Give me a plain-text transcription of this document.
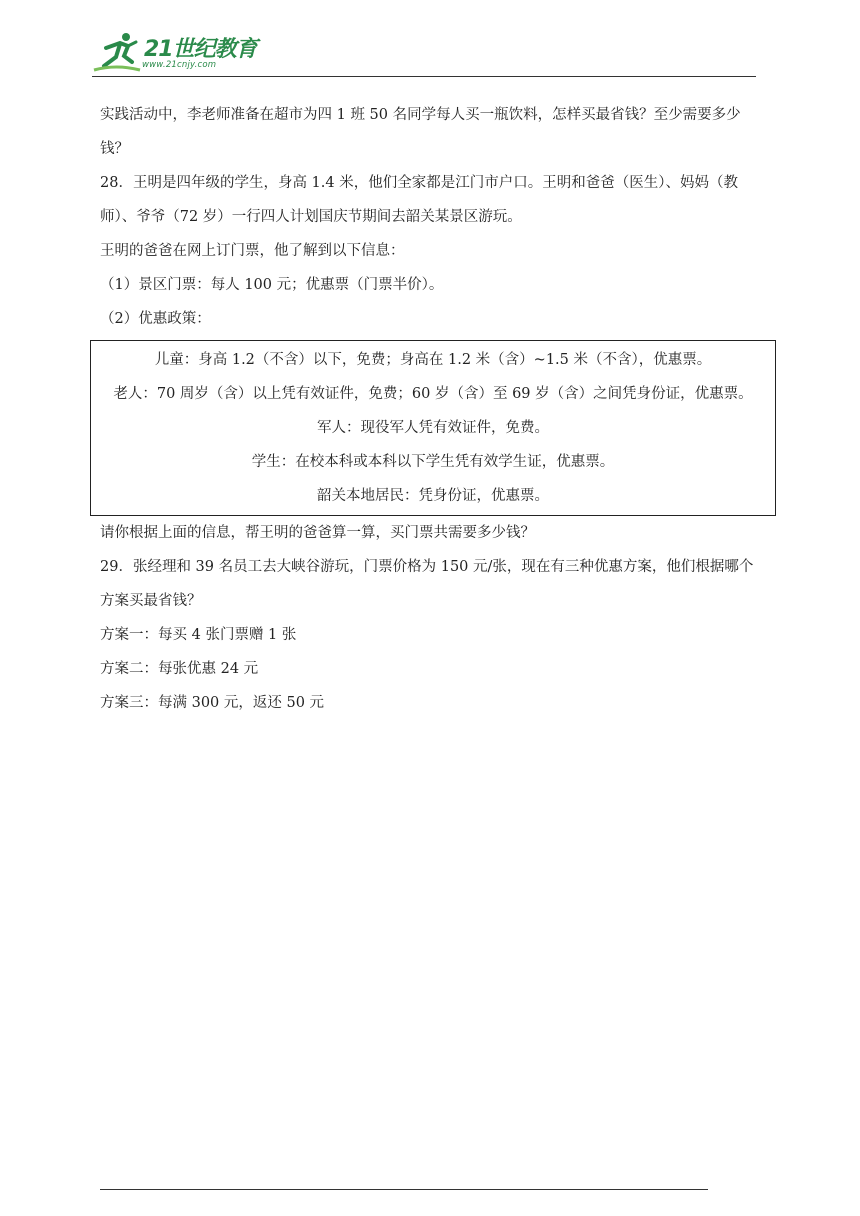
21世纪教育
www.21cnjy.com

实践活动中，李老师准备在超市为四 1 班 50 名同学每人买一瓶饮料，怎样买最省钱？至少需要多少

钱？

28．王明是四年级的学生，身高 1.4 米，他们全家都是江门市户口。王明和爸爸（医生）、妈妈（教

师）、爷爷（72 岁）一行四人计划国庆节期间去韶关某景区游玩。

王明的爸爸在网上订门票，他了解到以下信息：

（1）景区门票：每人 100 元；优惠票（门票半价）。

（2）优惠政策：

儿童：身高 1.2（不含）以下，免费；身高在 1.2 米（含）~1.5 米（不含），优惠票。

老人：70 周岁（含）以上凭有效证件，免费；60 岁（含）至 69 岁（含）之间凭身份证，优惠票。

军人：现役军人凭有效证件，免费。

学生：在校本科或本科以下学生凭有效学生证，优惠票。

韶关本地居民：凭身份证，优惠票。

请你根据上面的信息，帮王明的爸爸算一算，买门票共需要多少钱？

29．张经理和 39 名员工去大峡谷游玩，门票价格为 150 元/张，现在有三种优惠方案，他们根据哪个

方案买最省钱？

方案一：每买 4 张门票赠 1 张

方案二：每张优惠 24 元

方案三：每满 300 元，返还 50 元
